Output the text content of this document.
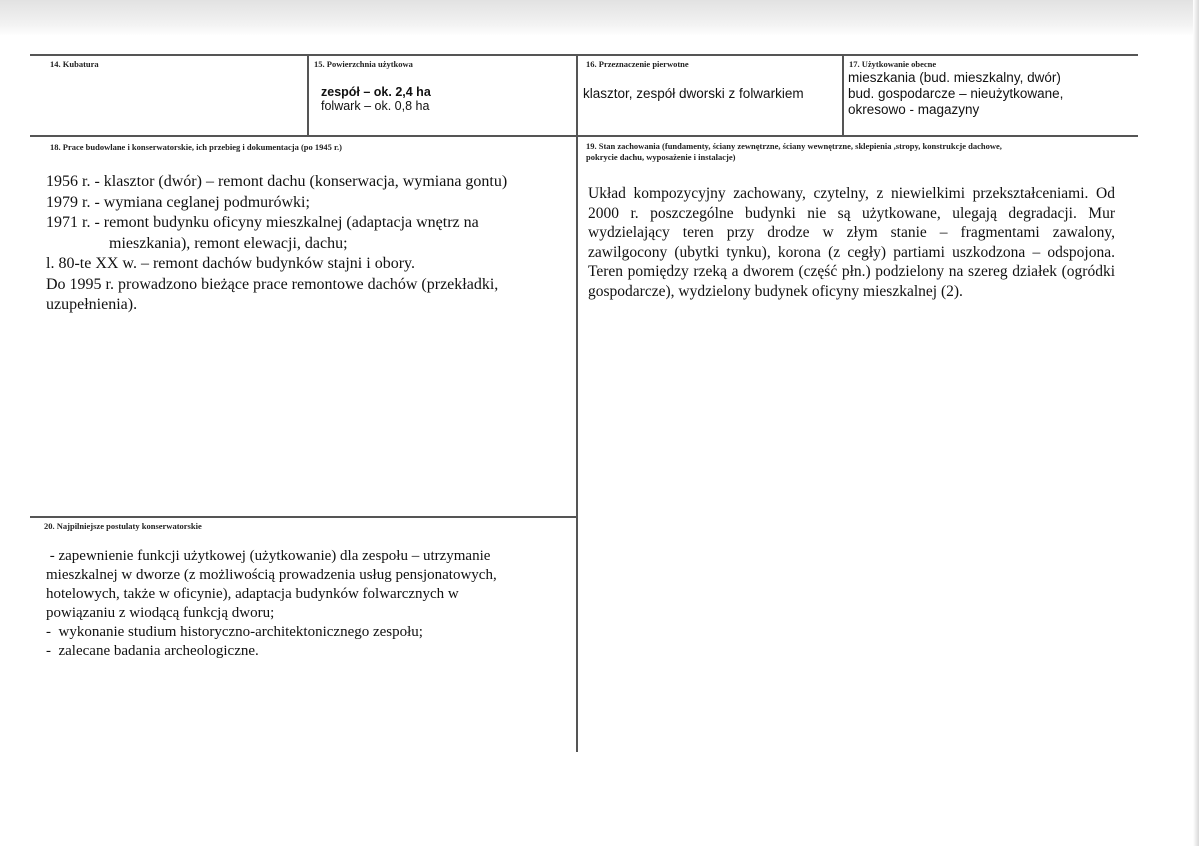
14. Kubatura	15. Powierzchnia użytkowa
zespół – ok. 2,4 ha
folwark – ok. 0,8 ha
16. Przeznaczenie pierwotne
klasztor, zespół dworski z folwarkiem
17. Użytkowanie obecne
mieszkania (bud. mieszkalny, dwór)
bud. gospodarcze – nieużytkowane,
okresowo - magazyny
18. Prace budowlane i konserwatorskie, ich przebieg i dokumentacja (po 1945 r.)
1956 r. - klasztor (dwór) – remont dachu (konserwacja, wymiana gontu)
1979 r. - wymiana ceglanej podmurówki;
1971 r. - remont budynku oficyny mieszkalnej (adaptacja wnętrz na
mieszkania), remont elewacji, dachu;
l. 80-te XX w. – remont dachów budynków stajni i obory.
Do 1995 r. prowadzono bieżące prace remontowe dachów (przekładki,
uzupełnienia).
19. Stan zachowania (fundamenty, ściany zewnętrzne, ściany wewnętrzne, sklepienia ,stropy, konstrukcje dachowe,
pokrycie dachu, wyposażenie i instalacje)
Układ kompozycyjny zachowany, czytelny, z niewielkimi przekształceniami. Od 2000 r. poszczególne budynki nie są użytkowane, ulegają degradacji. Mur wydzielający teren przy drodze w złym stanie – fragmentami zawalony, zawilgocony (ubytki tynku), korona (z cegły) partiami uszkodzona – odspojona. Teren pomiędzy rzeką a dworem (część płn.) podzielony na szereg działek (ogródki gospodarcze), wydzielony budynek oficyny mieszkalnej (2).
20. Najpilniejsze postulaty konserwatorskie
- zapewnienie funkcji użytkowej (użytkowanie) dla zespołu – utrzymanie
mieszkalnej w dworze (z możliwością prowadzenia usług pensjonatowych,
hotelowych, także w oficynie), adaptacja budynków folwarcznych w
powiązaniu z wiodącą funkcją dworu;
-  wykonanie studium historyczno-architektonicznego zespołu;
-  zalecane badania archeologiczne.
